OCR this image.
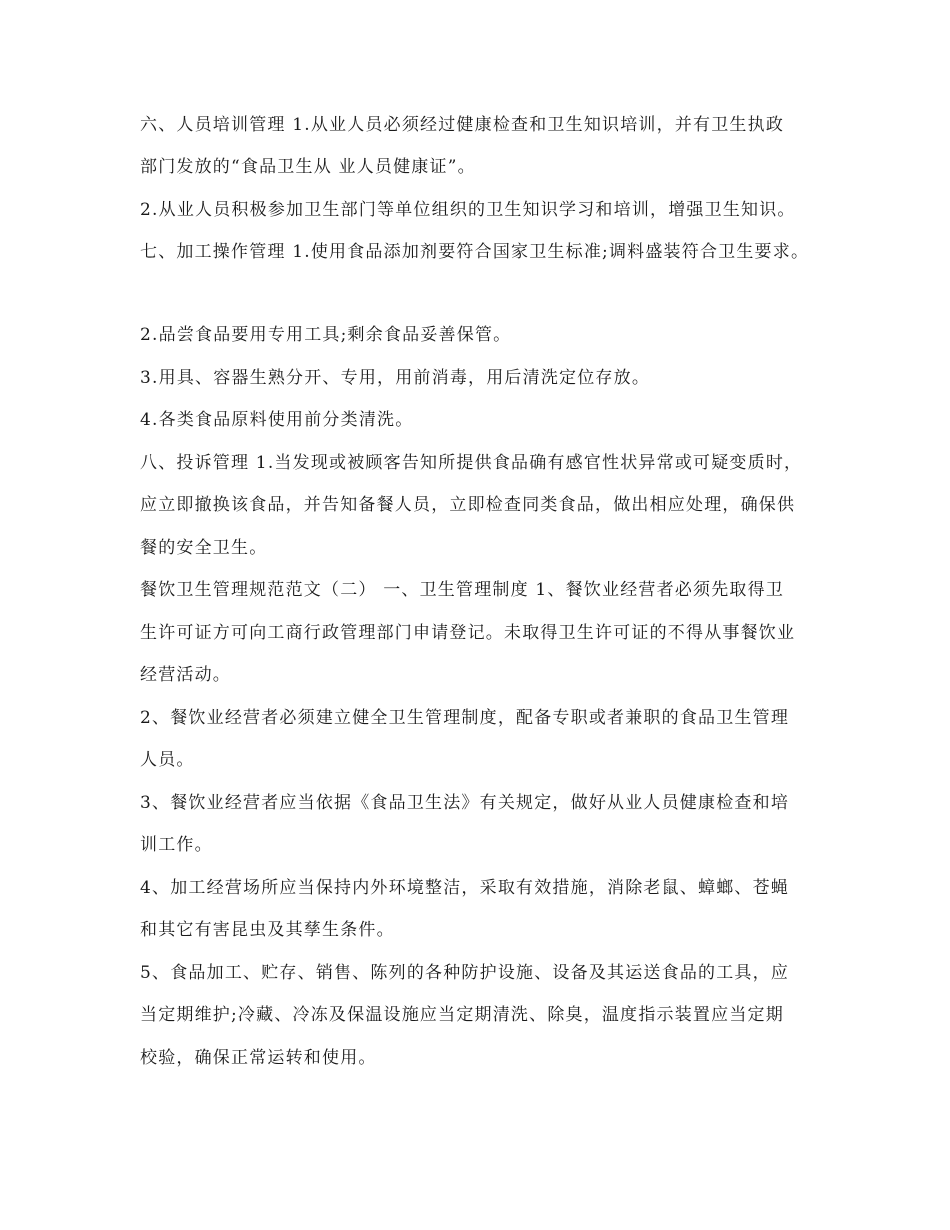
六、人员培训管理 1.从业人员必须经过健康检查和卫生知识培训，并有卫生执政
部门发放的“食品卫生从 业人员健康证”。
2.从业人员积极参加卫生部门等单位组织的卫生知识学习和培训，增强卫生知识。
七、加工操作管理 1.使用食品添加剂要符合国家卫生标准;调料盛装符合卫生要求。
2.品尝食品要用专用工具;剩余食品妥善保管。
3.用具、容器生熟分开、专用，用前消毒，用后清洗定位存放。
4.各类食品原料使用前分类清洗。
八、投诉管理 1.当发现或被顾客告知所提供食品确有感官性状异常或可疑变质时，
应立即撤换该食品，并告知备餐人员，立即检查同类食品，做出相应处理，确保供
餐的安全卫生。
餐饮卫生管理规范范文（二） 一、卫生管理制度 1、餐饮业经营者必须先取得卫
生许可证方可向工商行政管理部门申请登记。未取得卫生许可证的不得从事餐饮业
经营活动。
2、餐饮业经营者必须建立健全卫生管理制度，配备专职或者兼职的食品卫生管理
人员。
3、餐饮业经营者应当依据《食品卫生法》有关规定，做好从业人员健康检查和培
训工作。
4、加工经营场所应当保持内外环境整洁，采取有效措施，消除老鼠、蟑螂、苍蝇
和其它有害昆虫及其孳生条件。
5、食品加工、贮存、销售、陈列的各种防护设施、设备及其运送食品的工具，应
当定期维护;冷藏、冷冻及保温设施应当定期清洗、除臭，温度指示装置应当定期
校验，确保正常运转和使用。
